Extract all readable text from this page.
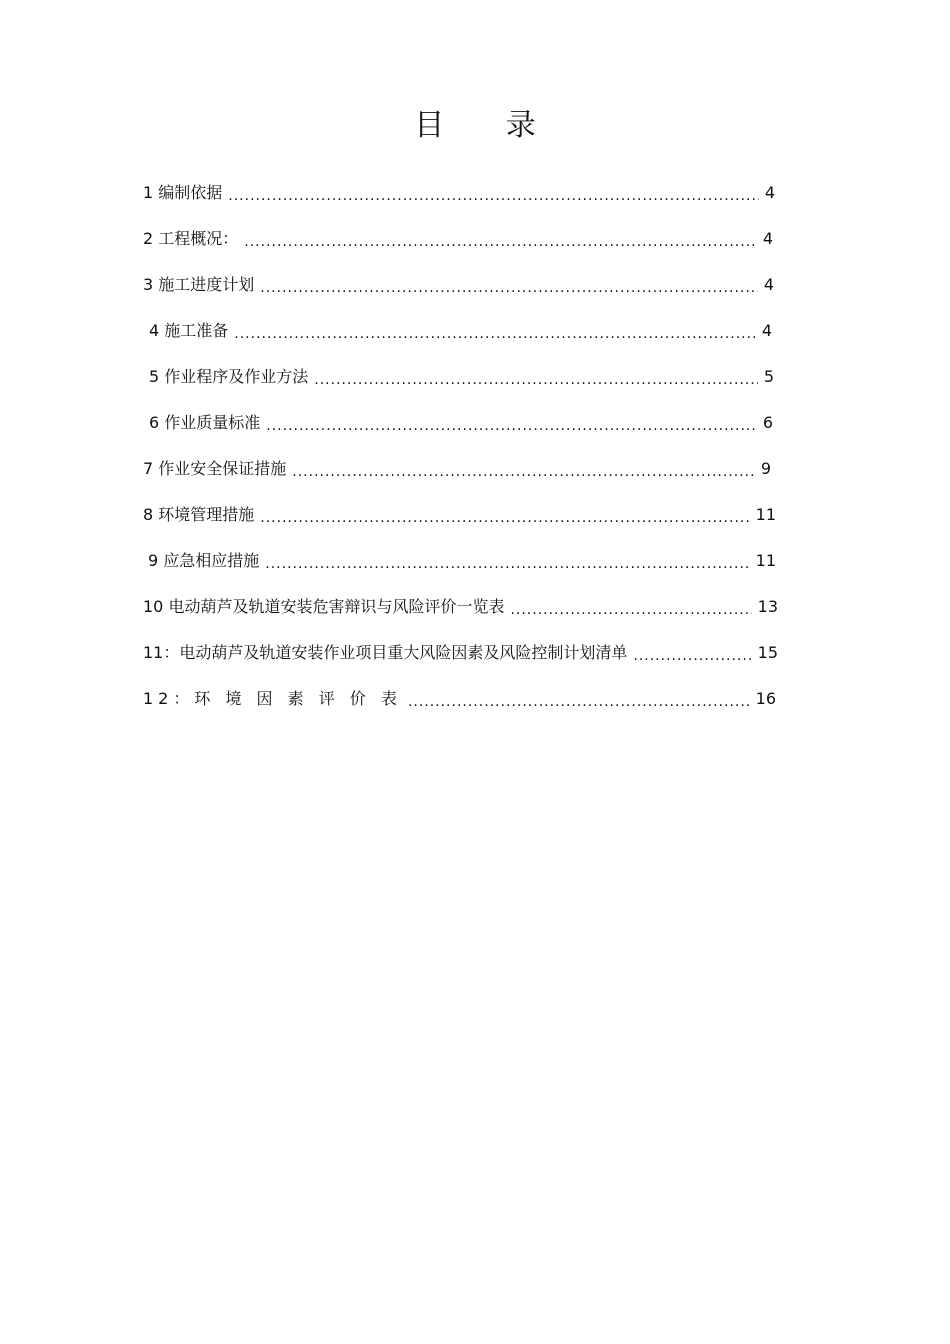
目 录
1 编制依据 .....	4
2 工程概况： .....	4
3 施工进度计划 .....	4
4 施工准备 .....	4
5 作业程序及作业方法 .....	5
6 作业质量标准 .....	6
7 作业安全保证措施 .....	9
8 环境管理措施 .....	11
9 应急相应措施 .....	11
10 电动葫芦及轨道安装危害辩识与风险评价一览表 .....	13
11：电动葫芦及轨道安装作业项目重大风险因素及风险控制计划清单 .....	15
12：环 境 因 素 评 价 表 .....	16
